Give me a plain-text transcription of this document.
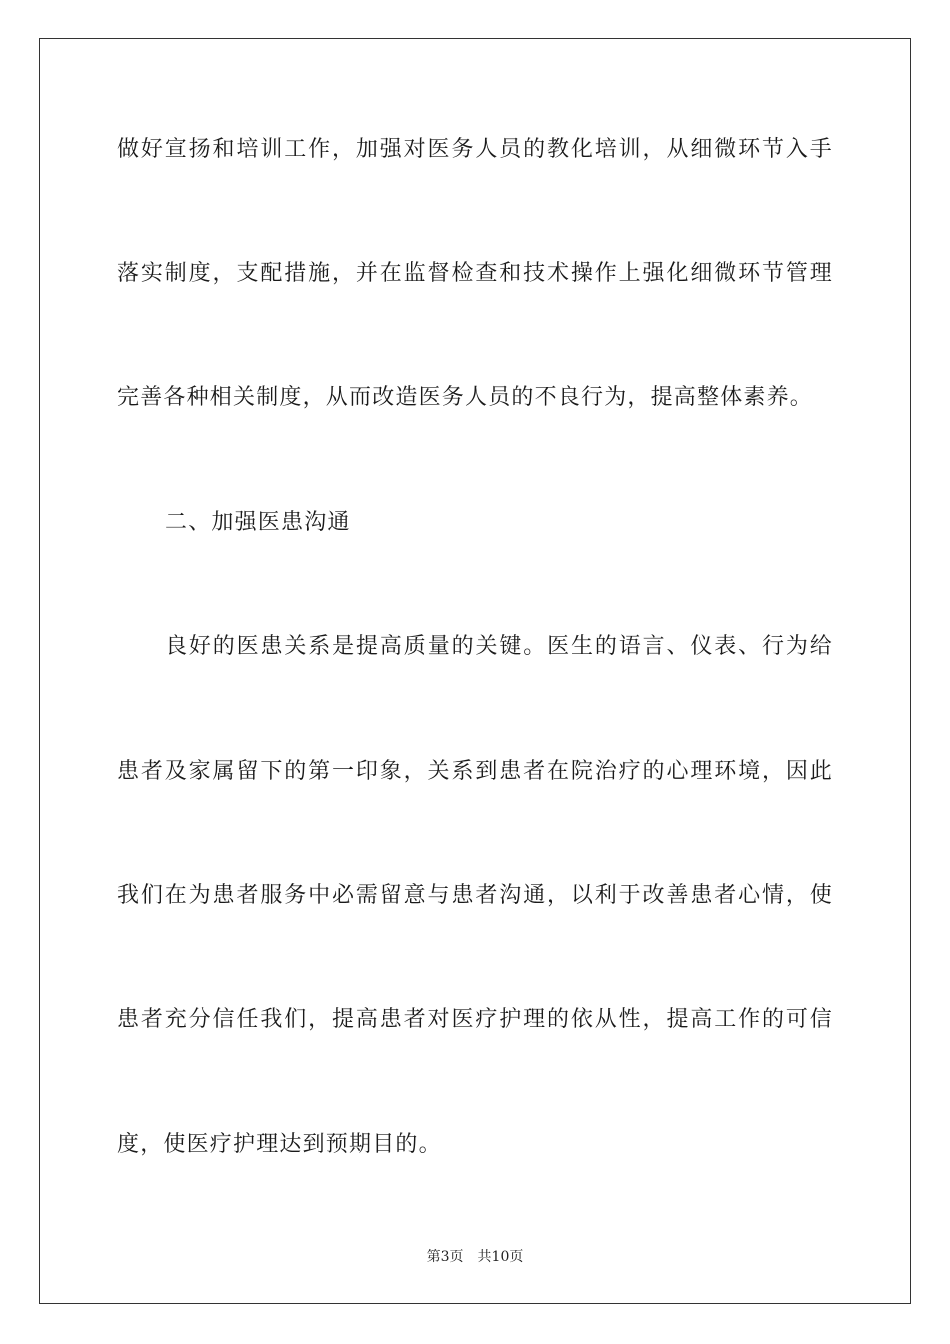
做好宣扬和培训工作，加强对医务人员的教化培训，从细微环节入手
落实制度，支配措施，并在监督检查和技术操作上强化细微环节管理
完善各种相关制度，从而改造医务人员的不良行为，提高整体素养。
二、加强医患沟通
良好的医患关系是提高质量的关键。医生的语言、仪表、行为给
患者及家属留下的第一印象，关系到患者在院治疗的心理环境，因此
我们在为患者服务中必需留意与患者沟通，以利于改善患者心情，使
患者充分信任我们，提高患者对医疗护理的依从性，提高工作的可信
度，使医疗护理达到预期目的。
第3页 共10页
